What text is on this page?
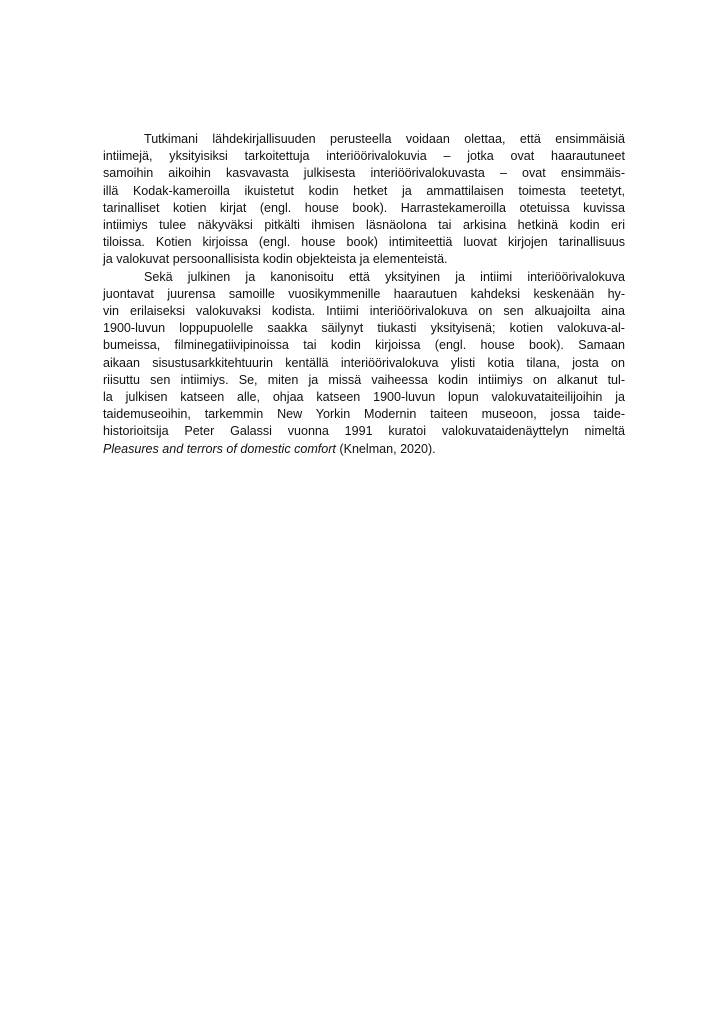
Tutkimani lähdekirjallisuuden perusteella voidaan olettaa, että ensimmäisiä
intiimejä, yksityisiksi tarkoitettuja interiöörivalokuvia – jotka ovat haarautuneet
samoihin aikoihin kasvavasta julkisesta interiöörivalokuvasta – ovat ensimmäis-
illä Kodak-kameroilla ikuistetut kodin hetket ja ammattilaisen toimesta teetetyt,
tarinalliset kotien kirjat (engl. house book). Harrastekameroilla otetuissa kuvissa
intiimiys tulee näkyväksi pitkälti ihmisen läsnäolona tai arkisina hetkinä kodin eri
tiloissa. Kotien kirjoissa (engl. house book) intimiteettiä luovat kirjojen tarinallisuus
ja valokuvat persoonallisista kodin objekteista ja elementeistä.

Sekä julkinen ja kanonisoitu että yksityinen ja intiimi interiöörivalokuva
juontavat juurensa samoille vuosikymmenille haarautuen kahdeksi keskenään hy-
vin erilaiseksi valokuvaksi kodista. Intiimi interiöörivalokuva on sen alkuajoilta aina
1900-luvun loppupuolelle saakka säilynyt tiukasti yksityisenä; kotien valokuva-al-
bumeissa, filminegatiivipinoissa tai kodin kirjoissa (engl. house book). Samaan
aikaan sisustusarkkitehtuurin kentällä interiöörivalokuva ylisti kotia tilana, josta on
riisuttu sen intiimiys. Se, miten ja missä vaiheessa kodin intiimiys on alkanut tul-
la julkisen katseen alle, ohjaa katseen 1900-luvun lopun valokuvataiteilijoihin ja
taidemuseoihin, tarkemmin New Yorkin Modernin taiteen museoon, jossa taide-
historioitsija Peter Galassi vuonna 1991 kuratoi valokuvataidenäyttelyn nimeltä
Pleasures and terrors of domestic comfort (Knelman, 2020).
